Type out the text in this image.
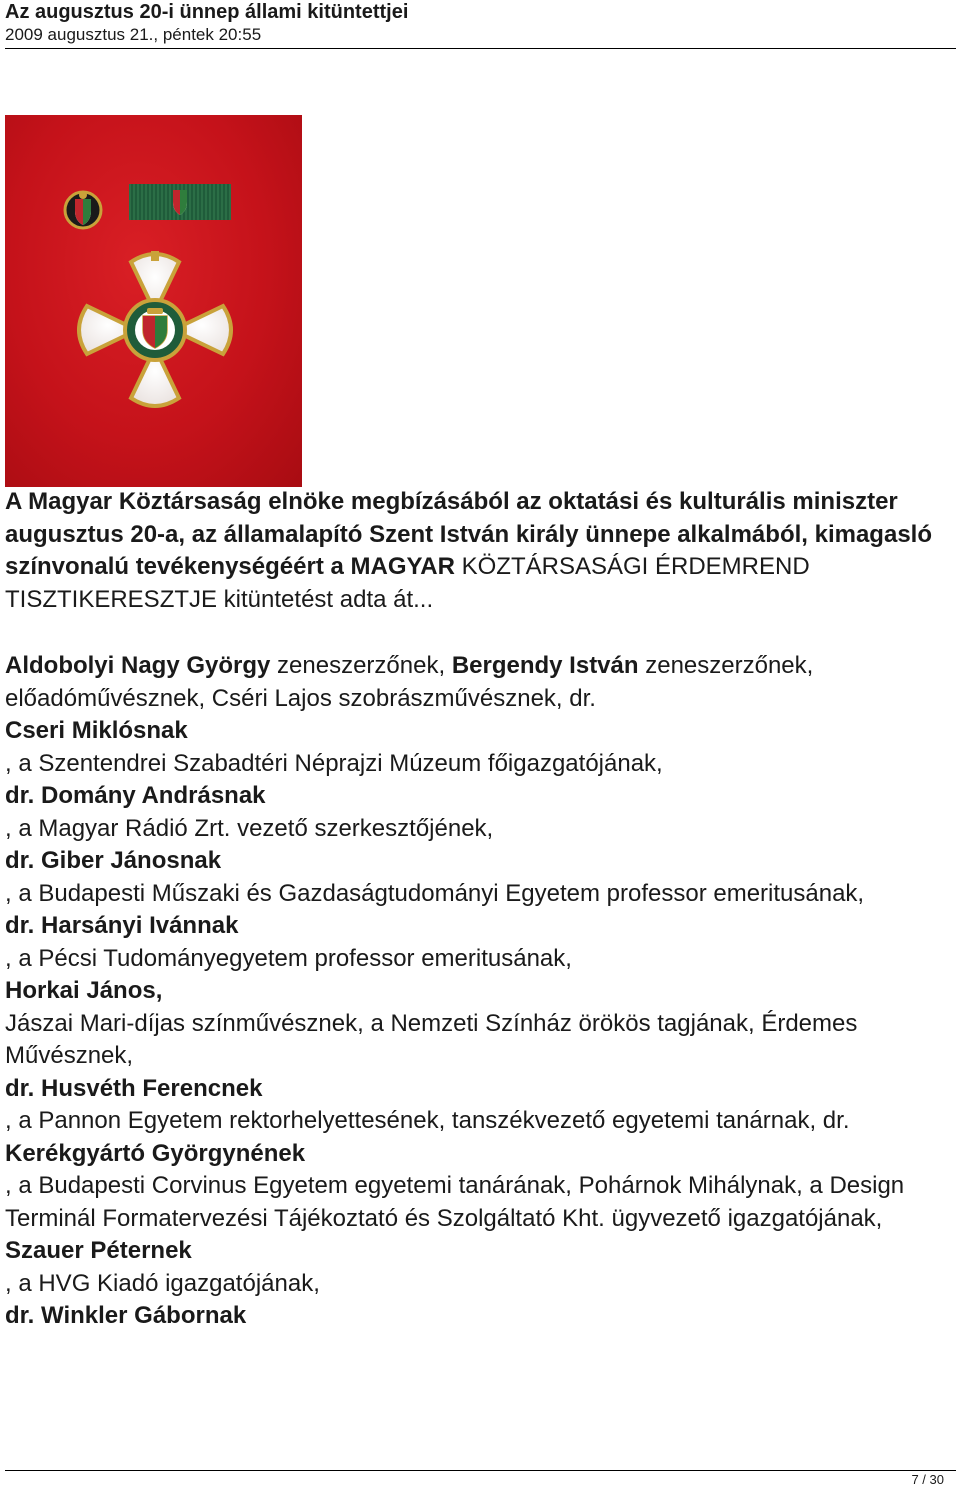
Az augusztus 20-i ünnep állami kitüntettjei
2009 augusztus 21., péntek 20:55

A Magyar Köztársaság elnöke megbízásából az oktatási és kulturális miniszter augusztus 20-a, az államalapító Szent István király ünnepe alkalmából, kimagasló színvonalú tevékenységéért a MAGYAR KÖZTÁRSASÁGI ÉRDEMREND TISZTIKERESZTJE kitüntetést adta át...

Aldobolyi Nagy György zeneszerzőnek, Bergendy István zeneszerzőnek, előadóművésznek, Cséri Lajos szobrászművésznek, dr.
Cseri Miklósnak
, a Szentendrei Szabadtéri Néprajzi Múzeum főigazgatójának,
dr. Domány Andrásnak
, a Magyar Rádió Zrt. vezető szerkesztőjének,
dr. Giber Jánosnak
, a Budapesti Műszaki és Gazdaságtudományi Egyetem professor emeritusának,
dr. Harsányi Ivánnak
, a Pécsi Tudományegyetem professor emeritusának,
Horkai János,
Jászai Mari-díjas színművésznek, a Nemzeti Színház örökös tagjának, Érdemes Művésznek,
dr. Husvéth Ferencnek
, a Pannon Egyetem rektorhelyettesének, tanszékvezető egyetemi tanárnak, dr.
Kerékgyártó Györgynének
, a Budapesti Corvinus Egyetem egyetemi tanárának, Pohárnok Mihálynak, a Design Terminál Formatervezési Tájékoztató és Szolgáltató Kht. ügyvezető igazgatójának,
Szauer Péternek
, a HVG Kiadó igazgatójának,
dr. Winkler Gábornak
7 / 30
